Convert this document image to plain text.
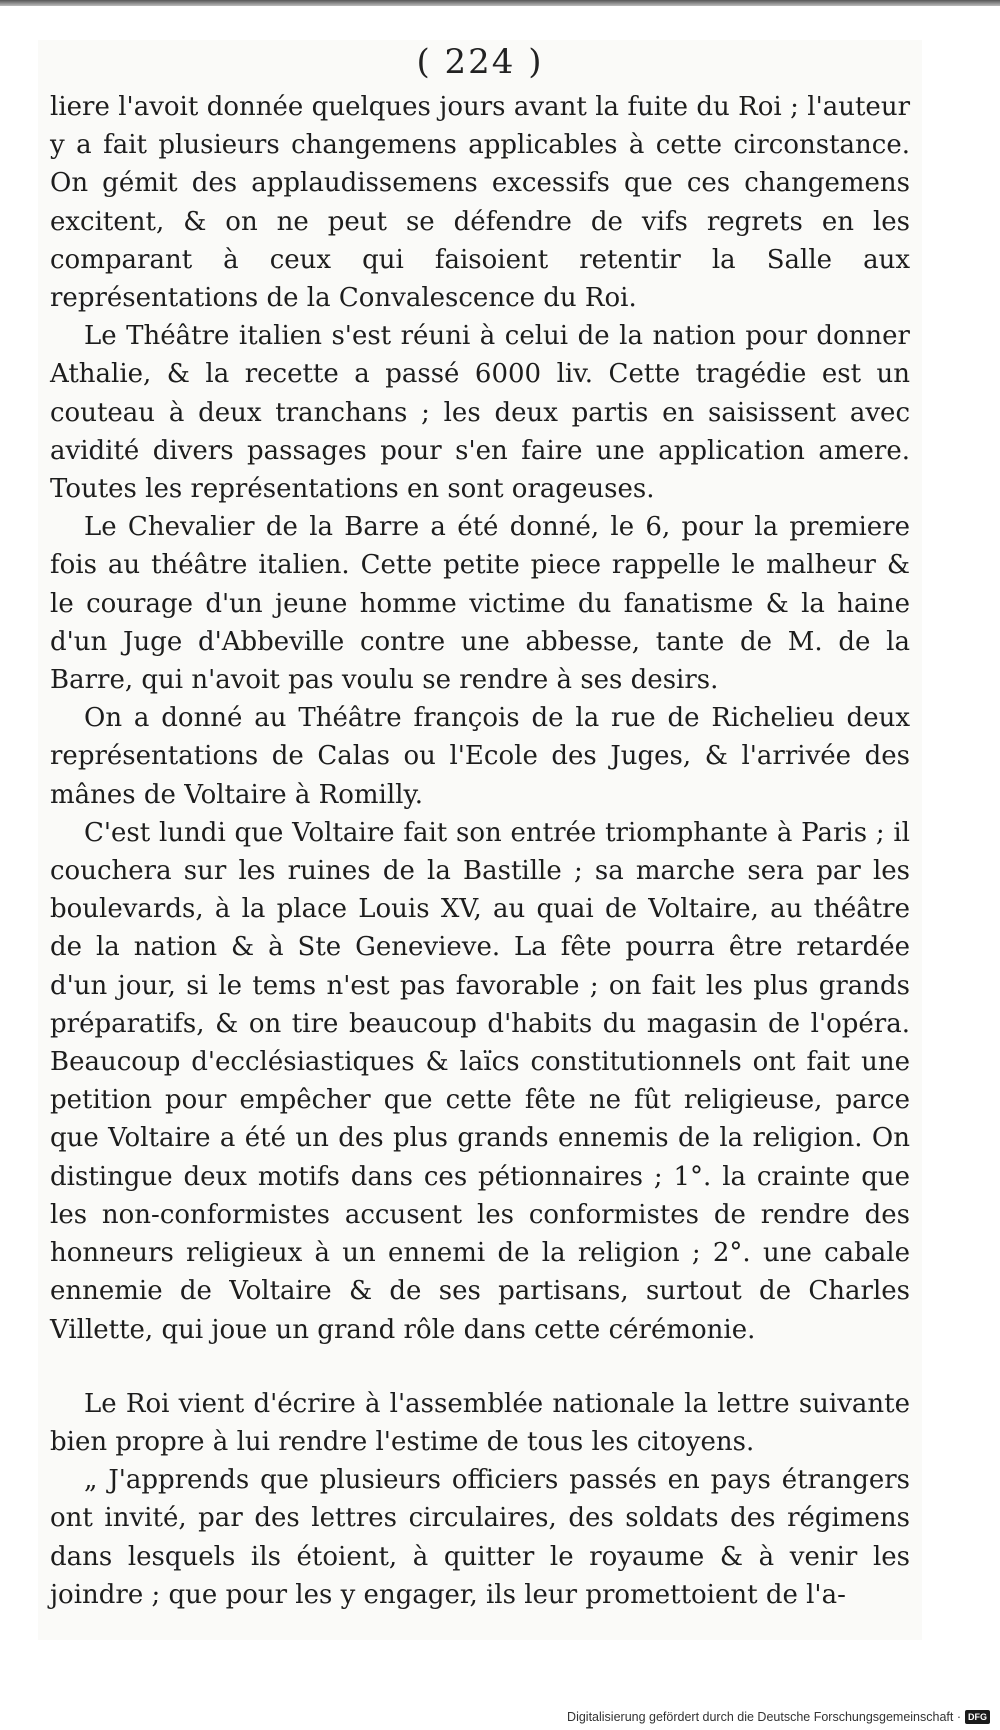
( 224 )

liere l'avoit donnée quelques jours avant la fuite du Roi ; l'auteur y a fait plusieurs changemens applicables à cette circonstance. On gémit des applaudissemens excessifs que ces changemens excitent, & on ne peut se défendre de vifs regrets en les comparant à ceux qui faisoient retentir la Salle aux représentations de la Convalescence du Roi.

Le Théâtre italien s'est réuni à celui de la nation pour donner Athalie, & la recette a passé 6000 liv. Cette tragédie est un couteau à deux tranchans ; les deux partis en saisissent avec avidité divers passages pour s'en faire une application amere. Toutes les représentations en sont orageuses.

Le Chevalier de la Barre a été donné, le 6, pour la premiere fois au théâtre italien. Cette petite piece rappelle le malheur & le courage d'un jeune homme victime du fanatisme & la haine d'un Juge d'Abbeville contre une abbesse, tante de M. de la Barre, qui n'avoit pas voulu se rendre à ses desirs.

On a donné au Théâtre françois de la rue de Richelieu deux représentations de Calas ou l'Ecole des Juges, & l'arrivée des mânes de Voltaire à Romilly.

C'est lundi que Voltaire fait son entrée triomphante à Paris ; il couchera sur les ruines de la Bastille ; sa marche sera par les boulevards, à la place Louis XV, au quai de Voltaire, au théâtre de la nation & à Ste Genevieve. La fête pourra être retardée d'un jour, si le tems n'est pas favorable ; on fait les plus grands préparatifs, & on tire beaucoup d'habits du magasin de l'opéra. Beaucoup d'ecclésiastiques & laïcs constitutionnels ont fait une petition pour empêcher que cette fête ne fût religieuse, parce que Voltaire a été un des plus grands ennemis de la religion. On distingue deux motifs dans ces pétionnaires ; 1°. la crainte que les non-conformistes accusent les conformistes de rendre des honneurs religieux à un ennemi de la religion ; 2°. une cabale ennemie de Voltaire & de ses partisans, surtout de Charles Villette, qui joue un grand rôle dans cette cérémonie.

Le Roi vient d'écrire à l'assemblée nationale la lettre suivante bien propre à lui rendre l'estime de tous les citoyens.

„ J'apprends que plusieurs officiers passés en pays étrangers ont invité, par des lettres circulaires, des soldats des régimens dans lesquels ils étoient, à quitter le royaume & à venir les joindre ; que pour les y engager, ils leur promettoient de l'a-

Digitalisierung gefördert durch die Deutsche Forschungsgemeinschaft · DFG
